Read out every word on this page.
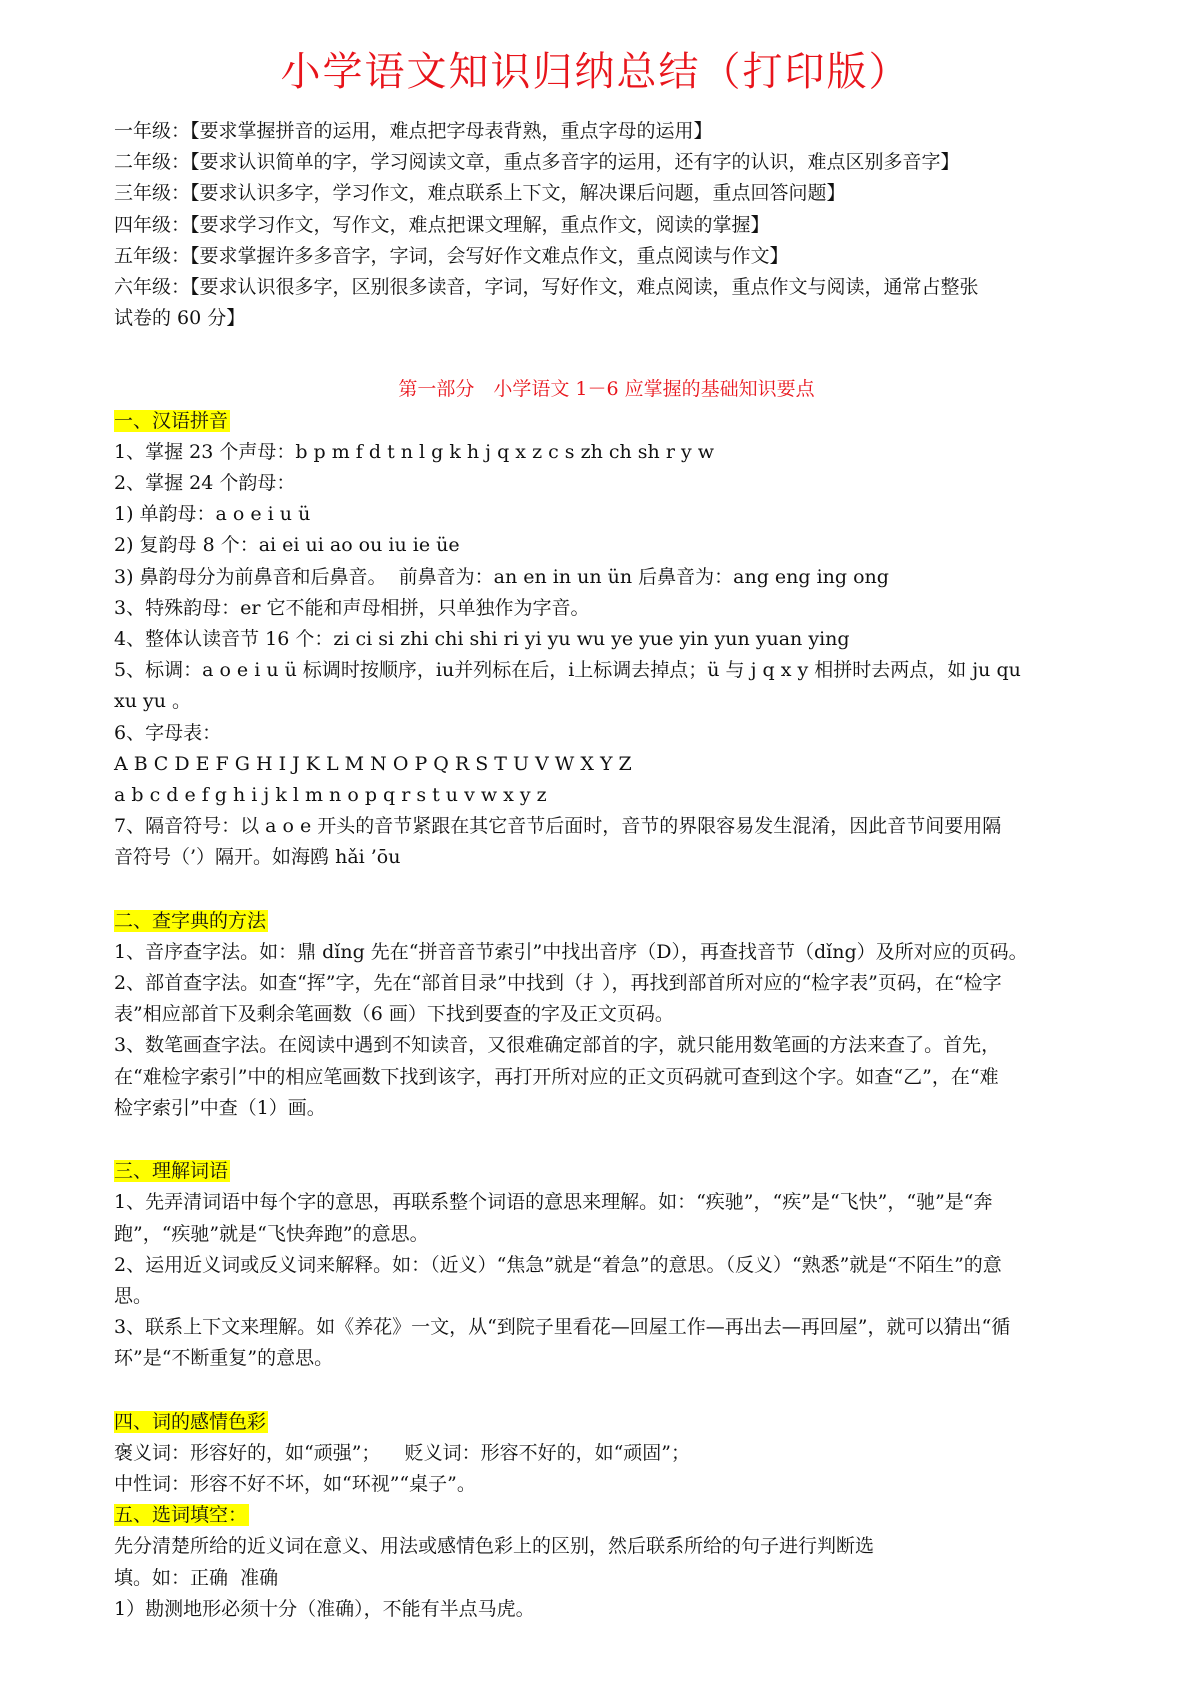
小学语文知识归纳总结（打印版）

一年级：【要求掌握拼音的运用，难点把字母表背熟，重点字母的运用】

二年级：【要求认识简单的字，学习阅读文章，重点多音字的运用，还有字的认识，难点区别多音字】

三年级：【要求认识多字，学习作文，难点联系上下文，解决课后问题，重点回答问题】

四年级：【要求学习作文，写作文，难点把课文理解，重点作文，阅读的掌握】

五年级：【要求掌握许多多音字，字词，会写好作文难点作文，重点阅读与作文】

六年级：【要求认识很多字，区别很多读音，字词，写好作文，难点阅读，重点作文与阅读，通常占整张

试卷的 60 分】

第一部分　小学语文 1－6 应掌握的基础知识要点

一、汉语拼音

1、掌握 23 个声母：b p m f d t n l g k h j q x z c s zh ch sh r y w

2、掌握 24 个韵母：

1) 单韵母：a o e i u ü

2) 复韵母 8 个：ai ei ui ao ou iu ie üe

3) 鼻韵母分为前鼻音和后鼻音。  前鼻音为：an en in un ün 后鼻音为：ang eng ing ong

3、特殊韵母：er 它不能和声母相拼，只单独作为字音。

4、整体认读音节 16 个：zi ci si zhi chi shi ri yi yu wu ye yue yin yun yuan ying

5、标调：a o e i u ü 标调时按顺序，iu并列标在后，i上标调去掉点；ü 与 j q x y 相拼时去两点，如 ju qu

xu yu 。

6、字母表：

A B C D E F G H I J K L M N O P Q R S T U V W X Y Z

a b c d e f g h i j k l m n o p q r s t u v w x y z

7、隔音符号：以 a o e 开头的音节紧跟在其它音节后面时，音节的界限容易发生混淆，因此音节间要用隔

音符号（’）隔开。如海鸥 hǎi ’ōu

二、查字典的方法

1、音序查字法。如：鼎 dǐng 先在“拼音音节索引”中找出音序（D），再查找音节（dǐng）及所对应的页码。

2、部首查字法。如查“挥”字，先在“部首目录”中找到（扌），再找到部首所对应的“检字表”页码，在“检字

表”相应部首下及剩余笔画数（6 画）下找到要查的字及正文页码。

3、数笔画查字法。在阅读中遇到不知读音，又很难确定部首的字，就只能用数笔画的方法来查了。首先，

在“难检字索引”中的相应笔画数下找到该字，再打开所对应的正文页码就可查到这个字。如查“乙”，在“难

检字索引”中查（1）画。

三、理解词语

1、先弄清词语中每个字的意思，再联系整个词语的意思来理解。如：“疾驰”，“疾”是“飞快”，“驰”是“奔

跑”，“疾驰”就是“飞快奔跑”的意思。

2、运用近义词或反义词来解释。如：（近义）“焦急”就是“着急”的意思。（反义）“熟悉”就是“不陌生”的意

思。

3、联系上下文来理解。如《养花》一文，从“到院子里看花—回屋工作—再出去—再回屋”，就可以猜出“循

环”是“不断重复”的意思。

四、词的感情色彩

褒义词：形容好的，如“顽强”；    贬义词：形容不好的，如“顽固”；

中性词：形容不好不坏，如“环视”“桌子”。

五、选词填空：

先分清楚所给的近义词在意义、用法或感情色彩上的区别，然后联系所给的句子进行判断选

填。如：正确  准确

1）勘测地形必须十分（准确），不能有半点马虎。
